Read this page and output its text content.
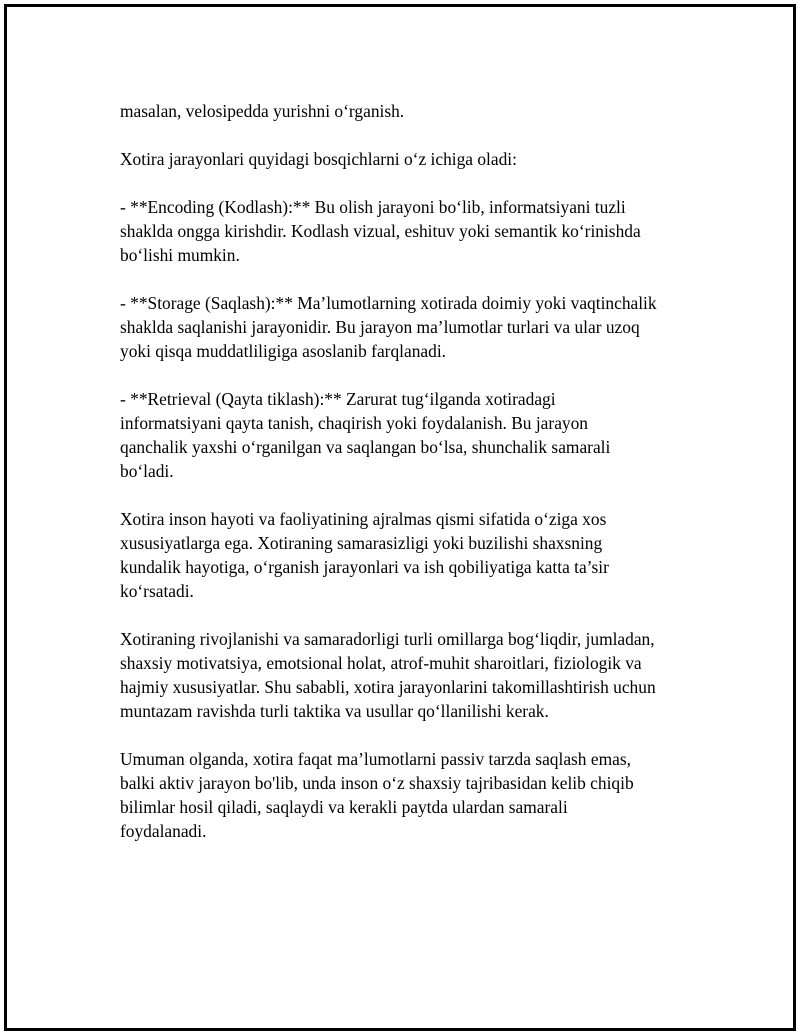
masalan, velosipedda yurishni o‘rganish.

Xotira jarayonlari quyidagi bosqichlarni o‘z ichiga oladi:

- **Encoding (Kodlash):** Bu olish jarayoni bo‘lib, informatsiyani tuzli
shaklda ongga kirishdir. Kodlash vizual, eshituv yoki semantik ko‘rinishda
bo‘lishi mumkin.

- **Storage (Saqlash):** Ma’lumotlarning xotirada doimiy yoki vaqtinchalik
shaklda saqlanishi jarayonidir. Bu jarayon ma’lumotlar turlari va ular uzoq
yoki qisqa muddatliligiga asoslanib farqlanadi.

- **Retrieval (Qayta tiklash):** Zarurat tug‘ilganda xotiradagi
informatsiyani qayta tanish, chaqirish yoki foydalanish. Bu jarayon
qanchalik yaxshi o‘rganilgan va saqlangan bo‘lsa, shunchalik samarali
bo‘ladi.

Xotira inson hayoti va faoliyatining ajralmas qismi sifatida o‘ziga xos
xususiyatlarga ega. Xotiraning samarasizligi yoki buzilishi shaxsning
kundalik hayotiga, o‘rganish jarayonlari va ish qobiliyatiga katta ta’sir
ko‘rsatadi.

Xotiraning rivojlanishi va samaradorligi turli omillarga bog‘liqdir, jumladan,
shaxsiy motivatsiya, emotsional holat, atrof-muhit sharoitlari, fiziologik va
hajmiy xususiyatlar. Shu sababli, xotira jarayonlarini takomillashtirish uchun
muntazam ravishda turli taktika va usullar qo‘llanilishi kerak.

Umuman olganda, xotira faqat ma’lumotlarni passiv tarzda saqlash emas,
balki aktiv jarayon bo'lib, unda inson o‘z shaxsiy tajribasidan kelib chiqib
bilimlar hosil qiladi, saqlaydi va kerakli paytda ulardan samarali
foydalanadi.
